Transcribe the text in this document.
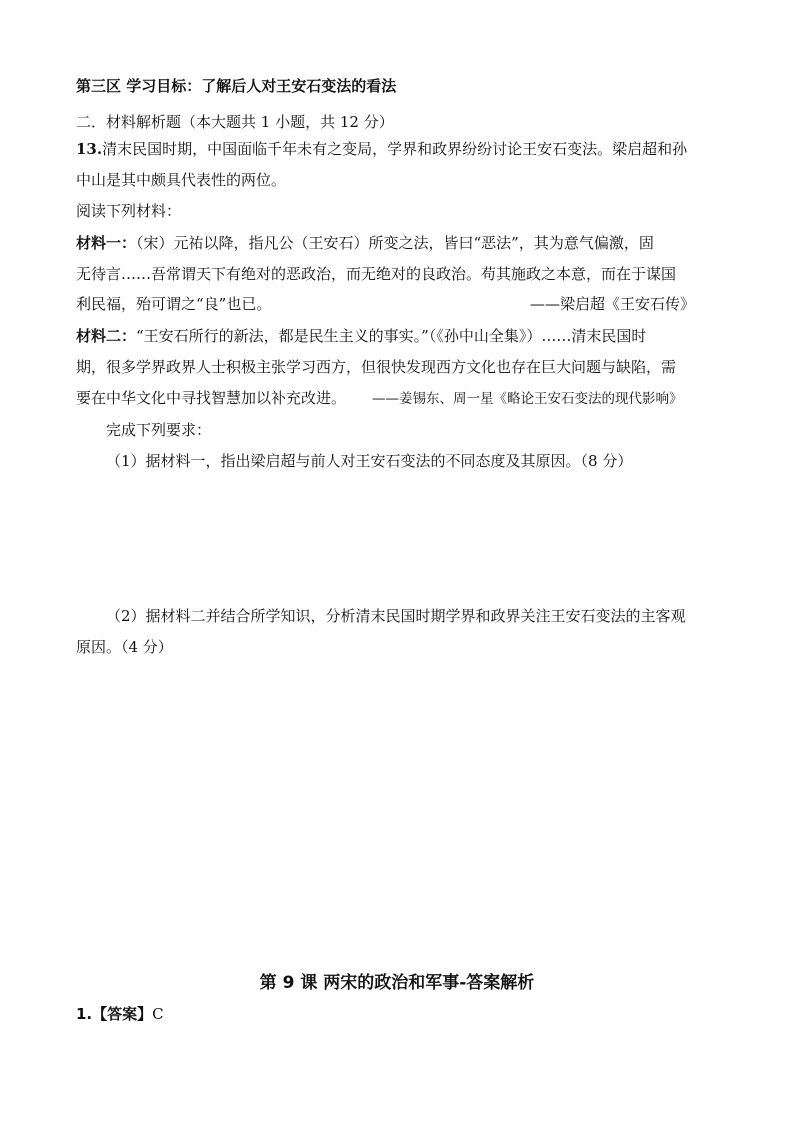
第三区 学习目标：了解后人对王安石变法的看法
二．材料解析题（本大题共 1 小题，共 12 分）
13.清末民国时期，中国面临千年未有之变局，学界和政界纷纷讨论王安石变法。梁启超和孙
中山是其中颇具代表性的两位。
阅读下列材料：
材料一：（宋）元祐以降，指凡公（王安石）所变之法，皆曰“恶法”，其为意气偏激，固
无待言……吾常谓天下有绝对的恶政治，而无绝对的良政治。苟其施政之本意，而在于谋国
利民福，殆可谓之“良”也已。	——梁启超《王安石传》
材料二：“王安石所行的新法，都是民生主义的事实。”（《孙中山全集》）……清末民国时
期，很多学界政界人士积极主张学习西方，但很快发现西方文化也存在巨大问题与缺陷，需
要在中华文化中寻找智慧加以补充改进。 ——姜锡东、周一星《略论王安石变法的现代影响》
完成下列要求：
（1）据材料一，指出梁启超与前人对王安石变法的不同态度及其原因。（8 分）
（2）据材料二并结合所学知识，分析清末民国时期学界和政界关注王安石变法的主客观
原因。（4 分）
第 9 课 两宋的政治和军事-答案解析
1.【答案】C
